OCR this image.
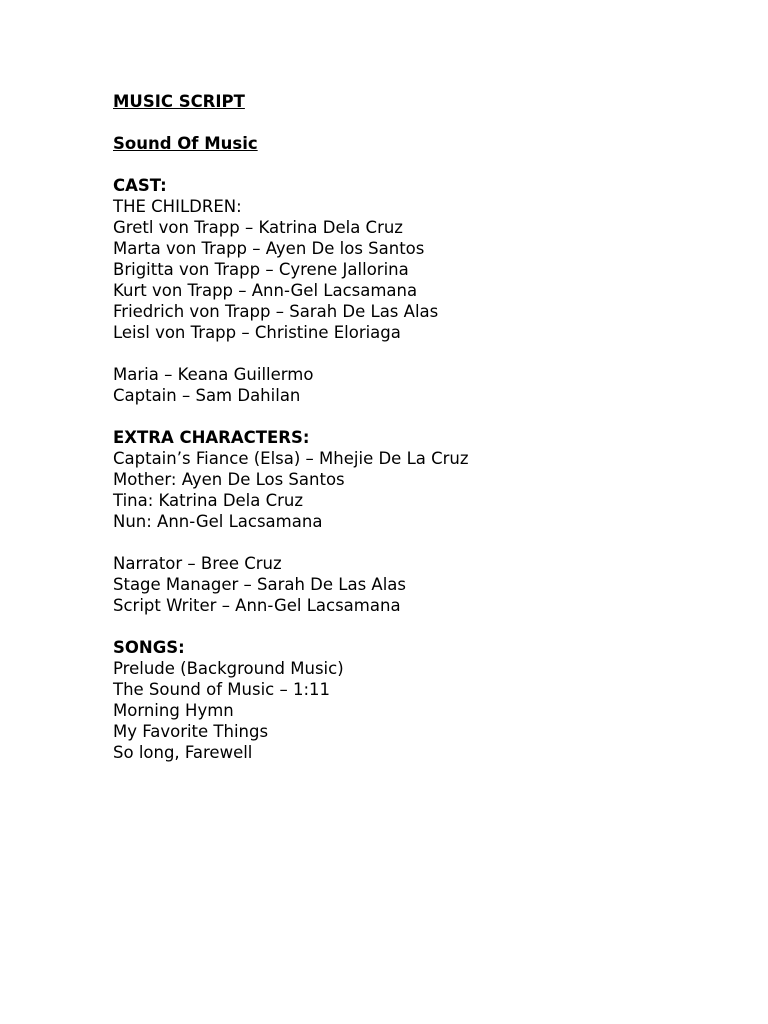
MUSIC SCRIPT
Sound Of Music
CAST:
THE CHILDREN:
Gretl von Trapp – Katrina Dela Cruz
Marta von Trapp – Ayen De los Santos
Brigitta von Trapp – Cyrene Jallorina
Kurt von Trapp – Ann-Gel Lacsamana
Friedrich von Trapp – Sarah De Las Alas
Leisl von Trapp – Christine Eloriaga
Maria – Keana Guillermo
Captain – Sam Dahilan
EXTRA CHARACTERS:
Captain’s Fiance (Elsa) – Mhejie De La Cruz
Mother: Ayen De Los Santos
Tina: Katrina Dela Cruz
Nun: Ann-Gel Lacsamana
Narrator – Bree Cruz
Stage Manager – Sarah De Las Alas
Script Writer – Ann-Gel Lacsamana
SONGS:
Prelude (Background Music)
The Sound of Music – 1:11
Morning Hymn
My Favorite Things
So long, Farewell
